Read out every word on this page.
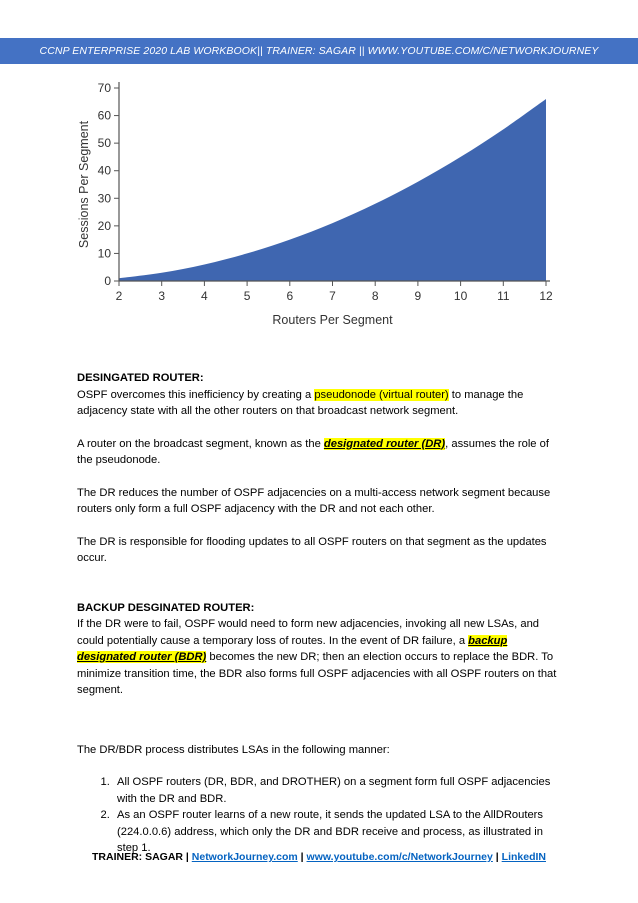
CCNP ENTERPRISE 2020 LAB WORKBOOK|| TRAINER: SAGAR || WWW.YOUTUBE.COM/C/NETWORKJOURNEY
0
10
20
30
40
50
60
70
2	3	4	5	6	7	8	9	10 11 12
Routers Per Segment
Sessions Per Segment

DESINGATED ROUTER:

OSPF overcomes this inefficiency by creating a pseudonode (virtual router) to manage the adjacency state with all the other routers on that broadcast network segment.

A router on the broadcast segment, known as the designated router (DR), assumes the role of the pseudonode.

The DR reduces the number of OSPF adjacencies on a multi-access network segment because routers only form a full OSPF adjacency with the DR and not each other.

The DR is responsible for flooding updates to all OSPF routers on that segment as the updates occur.

BACKUP DESGINATED ROUTER:

If the DR were to fail, OSPF would need to form new adjacencies, invoking all new LSAs, and could potentially cause a temporary loss of routes. In the event of DR failure, a backup designated router (BDR) becomes the new DR; then an election occurs to replace the BDR. To minimize transition time, the BDR also forms full OSPF adjacencies with all OSPF routers on that segment.

The DR/BDR process distributes LSAs in the following manner:

1. All OSPF routers (DR, BDR, and DROTHER) on a segment form full OSPF adjacencies with the DR and BDR.
2. As an OSPF router learns of a new route, it sends the updated LSA to the AllDRouters (224.0.0.6) address, which only the DR and BDR receive and process, as illustrated in step 1.
TRAINER: SAGAR | NetworkJourney.com | www.youtube.com/c/NetworkJourney | LinkedIN
